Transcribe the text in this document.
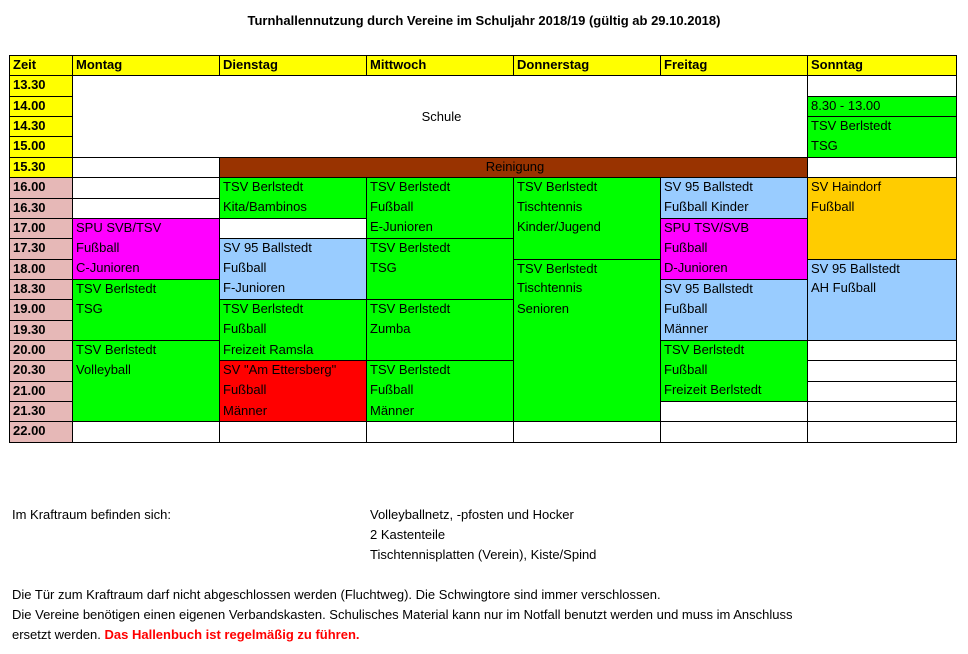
Turnhallennutzung durch Vereine im Schuljahr 2018/19 (gültig ab 29.10.2018)
Zeit	Montag	Dienstag	Mittwoch	Donnerstag	Freitag	Sonntag
13.30	Schule					
14.00						8.30 - 13.00
14.30						TSV Berlstedt
15.00						TSG
15.30		Reinigung				
16.00		TSV Berlstedt	TSV Berlstedt	TSV Berlstedt	SV 95 Ballstedt	SV Haindorf
16.30		Kita/Bambinos	Fußball	Tischtennis	Fußball Kinder	Fußball
17.00	SPU SVB/TSV		E-Junioren	Kinder/Jugend	SPU TSV/SVB	
17.30	Fußball	SV 95 Ballstedt	TSV Berlstedt		Fußball	
18.00	C-Junioren	Fußball	TSG	TSV Berlstedt	D-Junioren	SV 95 Ballstedt
18.30	TSV Berlstedt	F-Junioren		Tischtennis	SV 95 Ballstedt	AH Fußball
19.00	TSG	TSV Berlstedt	TSV Berlstedt	Senioren	Fußball	
19.30		Fußball	Zumba		Männer	
20.00	TSV Berlstedt	Freizeit Ramsla			TSV Berlstedt	
20.30	Volleyball	SV "Am Ettersberg"	TSV Berlstedt		Fußball	
21.00		Fußball	Fußball		Freizeit Berlstedt	
21.30		Männer	Männer			
22.00						
Im Kraftraum befinden sich:	Volleyballnetz, -pfosten und Hocker
2 Kastenteile
Tischtennisplatten (Verein), Kiste/Spind
Die Tür zum Kraftraum darf nicht abgeschlossen werden (Fluchtweg). Die Schwingtore sind immer verschlossen.
Die Vereine benötigen einen eigenen Verbandskasten. Schulisches Material kann nur im Notfall benutzt werden und muss im Anschluss
ersetzt werden. Das Hallenbuch ist regelmäßig zu führen.
